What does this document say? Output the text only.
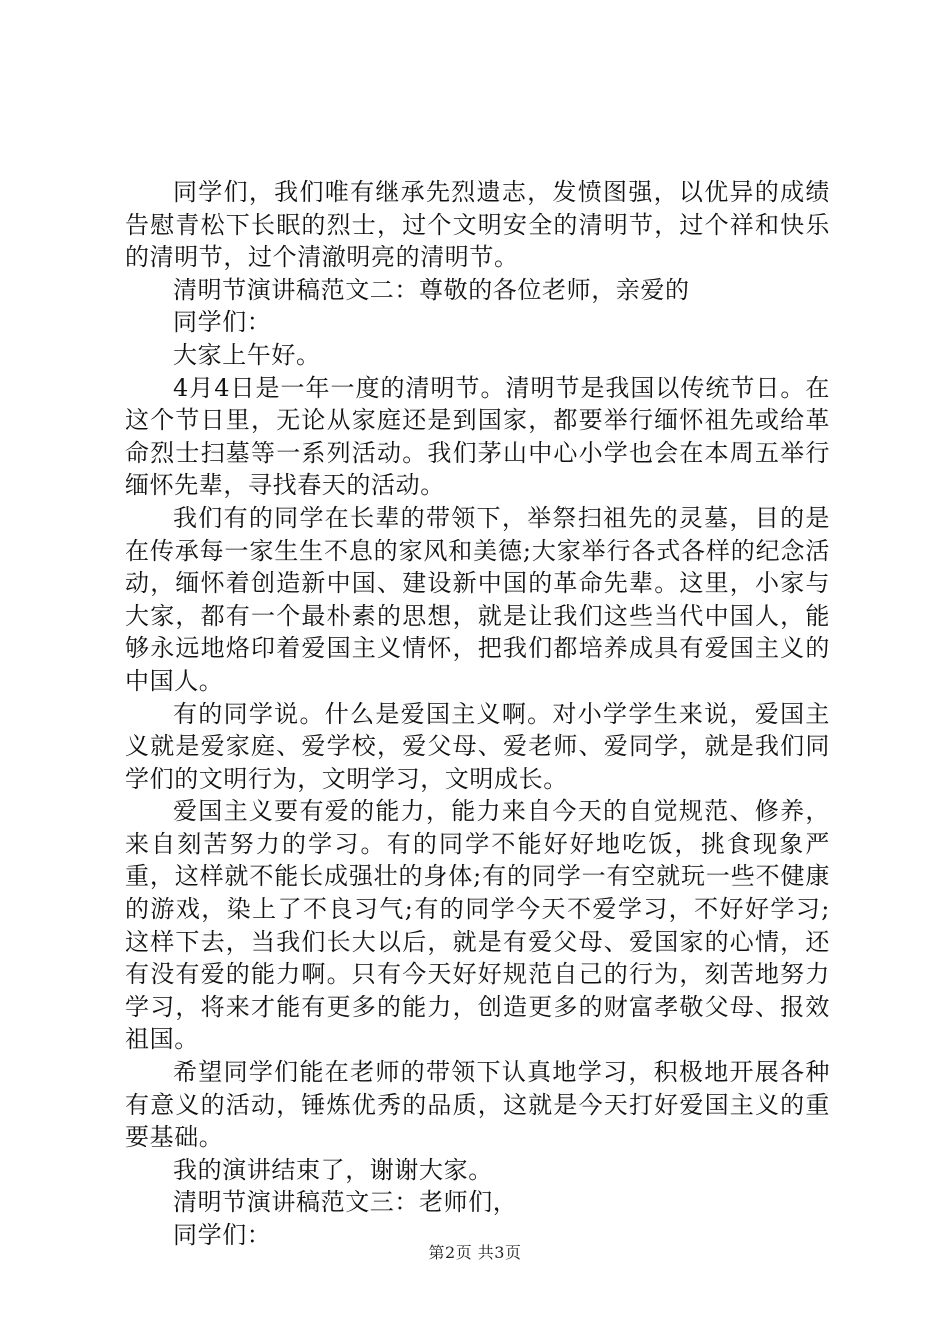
同学们，我们唯有继承先烈遗志，发愤图强，以优异的成绩告慰青松下长眠的烈士，过个文明安全的清明节，过个祥和快乐的清明节，过个清澈明亮的清明节。

清明节演讲稿范文二：尊敬的各位老师，亲爱的

同学们：

大家上午好。

4月4日是一年一度的清明节。清明节是我国以传统节日。在这个节日里，无论从家庭还是到国家，都要举行缅怀祖先或给革命烈士扫墓等一系列活动。我们茅山中心小学也会在本周五举行缅怀先辈，寻找春天的活动。

我们有的同学在长辈的带领下，举祭扫祖先的灵墓，目的是在传承每一家生生不息的家风和美德;大家举行各式各样的纪念活动，缅怀着创造新中国、建设新中国的革命先辈。这里，小家与大家，都有一个最朴素的思想，就是让我们这些当代中国人，能够永远地烙印着爱国主义情怀，把我们都培养成具有爱国主义的中国人。

有的同学说。什么是爱国主义啊。对小学学生来说，爱国主义就是爱家庭、爱学校，爱父母、爱老师、爱同学，就是我们同学们的文明行为，文明学习，文明成长。

爱国主义要有爱的能力，能力来自今天的自觉规范、修养，来自刻苦努力的学习。有的同学不能好好地吃饭，挑食现象严重，这样就不能长成强壮的身体;有的同学一有空就玩一些不健康的游戏，染上了不良习气;有的同学今天不爱学习，不好好学习;这样下去，当我们长大以后，就是有爱父母、爱国家的心情，还有没有爱的能力啊。只有今天好好规范自己的行为，刻苦地努力学习，将来才能有更多的能力，创造更多的财富孝敬父母、报效祖国。

希望同学们能在老师的带领下认真地学习，积极地开展各种有意义的活动，锤炼优秀的品质，这就是今天打好爱国主义的重要基础。

我的演讲结束了，谢谢大家。

清明节演讲稿范文三：老师们，

同学们：

第2页 共3页
